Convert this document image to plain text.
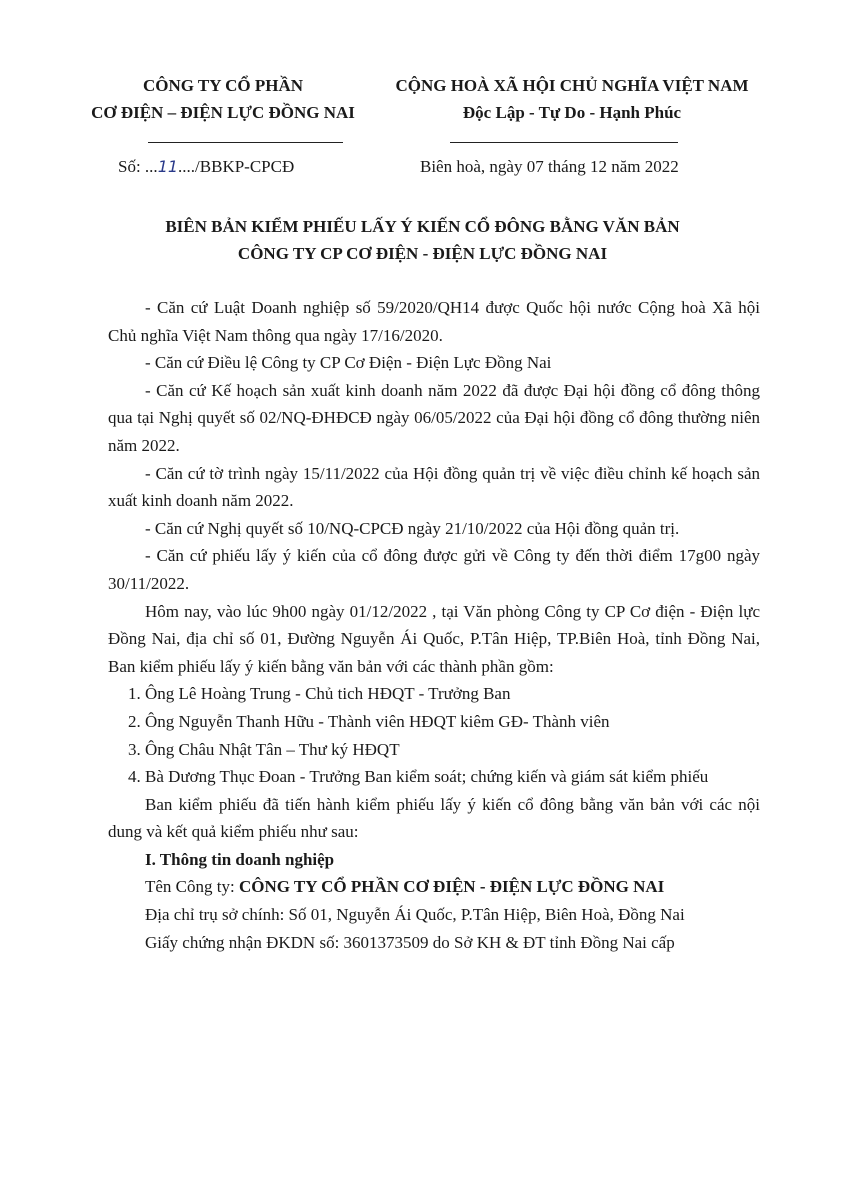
CÔNG TY CỔ PHẦN
CƠ ĐIỆN – ĐIỆN LỰC ĐỒNG NAI
CỘNG HOÀ XÃ HỘI CHỦ NGHĨA VIỆT NAM
Độc Lập - Tự Do - Hạnh Phúc
Số: ...11..../BBKP-CPCĐ	Biên hoà, ngày 07 tháng 12 năm 2022
BIÊN BẢN KIỂM PHIẾU LẤY Ý KIẾN CỔ ĐÔNG BẰNG VĂN BẢN
CÔNG TY CP CƠ ĐIỆN - ĐIỆN LỰC ĐỒNG NAI

- Căn cứ Luật Doanh nghiệp số 59/2020/QH14 được Quốc hội nước Cộng hoà Xã hội Chủ nghĩa Việt Nam thông qua ngày 17/16/2020.

- Căn cứ Điều lệ Công ty CP Cơ Điện - Điện Lực Đồng Nai

- Căn cứ Kế hoạch sản xuất kinh doanh năm 2022 đã được Đại hội đồng cổ đông thông qua tại Nghị quyết số 02/NQ-ĐHĐCĐ ngày 06/05/2022 của Đại hội đồng cổ đông thường niên năm 2022.

- Căn cứ tờ trình ngày 15/11/2022 của Hội đồng quản trị về việc điều chỉnh kế hoạch sản xuất kinh doanh năm 2022.

- Căn cứ Nghị quyết số 10/NQ-CPCĐ ngày 21/10/2022 của Hội đồng quản trị.

- Căn cứ phiếu lấy ý kiến của cổ đông được gửi về Công ty đến thời điểm 17g00 ngày 30/11/2022.

Hôm nay, vào lúc 9h00 ngày 01/12/2022 , tại Văn phòng Công ty CP Cơ điện - Điện lực Đồng Nai, địa chỉ số 01, Đường Nguyễn Ái Quốc, P.Tân Hiệp, TP.Biên Hoà, tỉnh Đồng Nai, Ban kiểm phiếu lấy ý kiến bằng văn bản với các thành phần gồm:

1. Ông Lê Hoàng Trung - Chủ tich HĐQT - Trưởng Ban

2. Ông Nguyễn Thanh Hữu - Thành viên HĐQT kiêm GĐ- Thành viên

3. Ông Châu Nhật Tân – Thư ký HĐQT

4. Bà Dương Thục Đoan - Trưởng Ban kiểm soát; chứng kiến và giám sát kiểm phiếu

Ban kiểm phiếu đã tiến hành kiểm phiếu lấy ý kiến cổ đông bằng văn bản với các nội dung và kết quả kiểm phiếu như sau:

I. Thông tin doanh nghiệp

Tên Công ty: CÔNG TY CỔ PHẦN CƠ ĐIỆN - ĐIỆN LỰC ĐỒNG NAI

Địa chỉ trụ sở chính: Số 01, Nguyễn Ái Quốc, P.Tân Hiệp, Biên Hoà, Đồng Nai

Giấy chứng nhận ĐKDN số: 3601373509 do Sở KH & ĐT tỉnh Đồng Nai cấp
